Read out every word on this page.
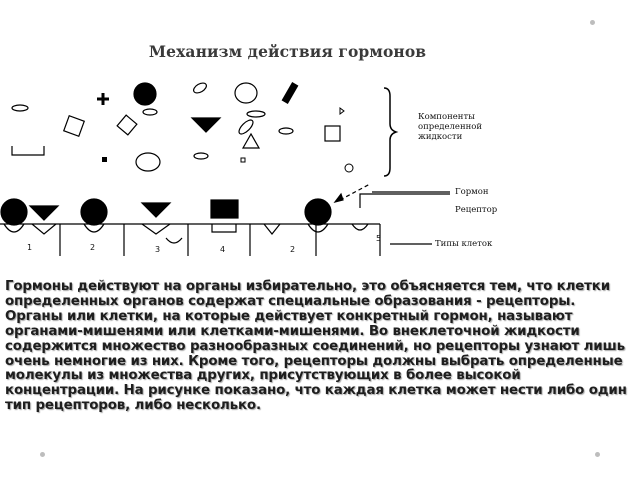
Механизм действия гормонов
Компоненты
определенной
жидкости
Гормон
Рецептор
Типы клеток
1	2	3	4	2
5
Гормоны действуют на органы избирательно, это объясняется тем, что клетки определенных органов содержат специальные образования - рецепторы. Органы или клетки, на которые действует конкретный гормон, называют органами-мишенями или клетками-мишенями. Во внеклеточной жидкости содержится множество разнообразных соединений, но рецепторы узнают лишь очень немногие из них. Кроме того, рецепторы должны выбрать определенные молекулы из множества других, присутствующих в более высокой концентрации. На рисунке показано, что каждая клетка может нести либо один тип рецепторов, либо несколько.
